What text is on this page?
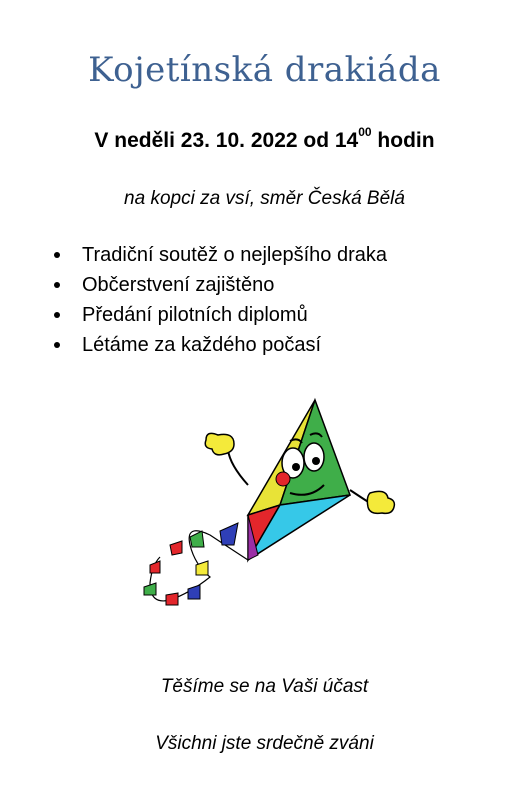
Kojetínská drakiáda
V neděli 23. 10. 2022 od $14^{00}$ hodin
na kopci za vsí, směr Česká Bělá
Tradiční soutěž o nejlepšího draka
Občerstvení zajištěno
Předání pilotních diplomů
Létáme za každého počasí
Těšíme se na Vaši účast
Všichni jste srdečně zváni
